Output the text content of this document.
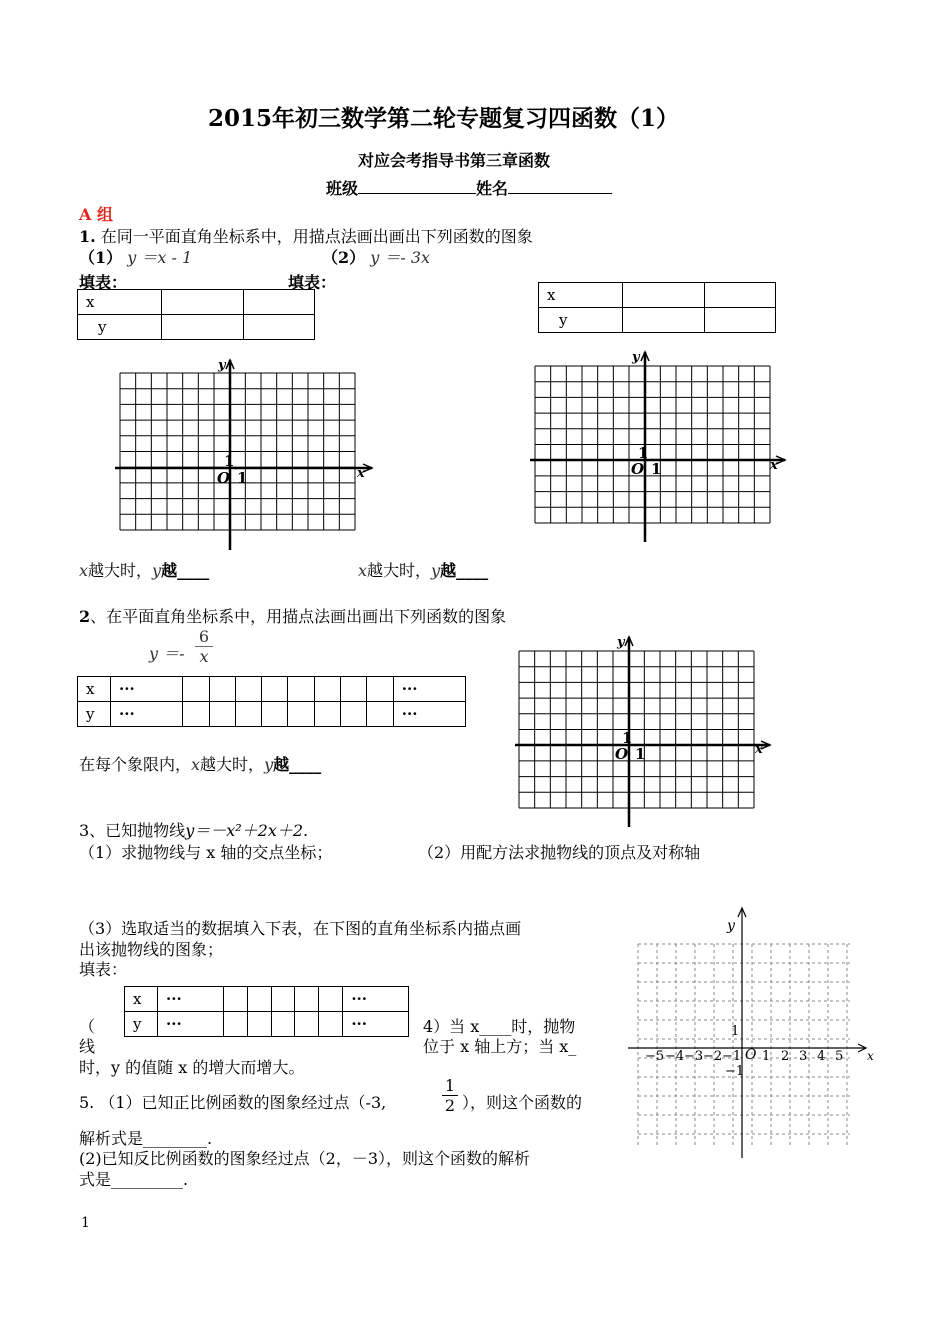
2015年初三数学第二轮专题复习四函数（1）
对应会考指导书第三章函数
班级	姓名
A 组
1. 在同一平面直角坐标系中，用描点法画出画出下列函数的图象
（1） y ＝x - 1	（2） y ＝- 3x
填表：	填表：
x		
y		
x		
y		
y
x
O
1
1
y
x
O
1
1
x越大时，y越____	x越大时，y越____
2、在平面直角坐标系中，用描点法画出画出下列函数的图象
$y =- \frac{6}{x}$
x	···									···
y	···									···
在每个象限内，x越大时，y越____
y
x
O
1
1
3、已知抛物线y＝－x²＋2x＋2.
（1）求抛物线与 x 轴的交点坐标；	（2）用配方法求抛物线的顶点及对称轴
（3）选取适当的数据填入下表，在下图的直角坐标系内描点画
出该抛物线的图象；
填表：
x	···						···
y	···						···
（
线
4）当 x____时，抛物
位于 x 轴上方；当 x_
时，y 的值随 x 的增大而增大。
y
x
1
−1
O
−5 −4 −3 −2 −1 1 2 3 4 5
5. （1）已知正比例函数的图象经过点（-3,	$\frac{1}{2}$ ），则这个函数的
解析式是________.
(2)已知反比例函数的图象经过点（2，－3），则这个函数的解析
式是_________.
1
